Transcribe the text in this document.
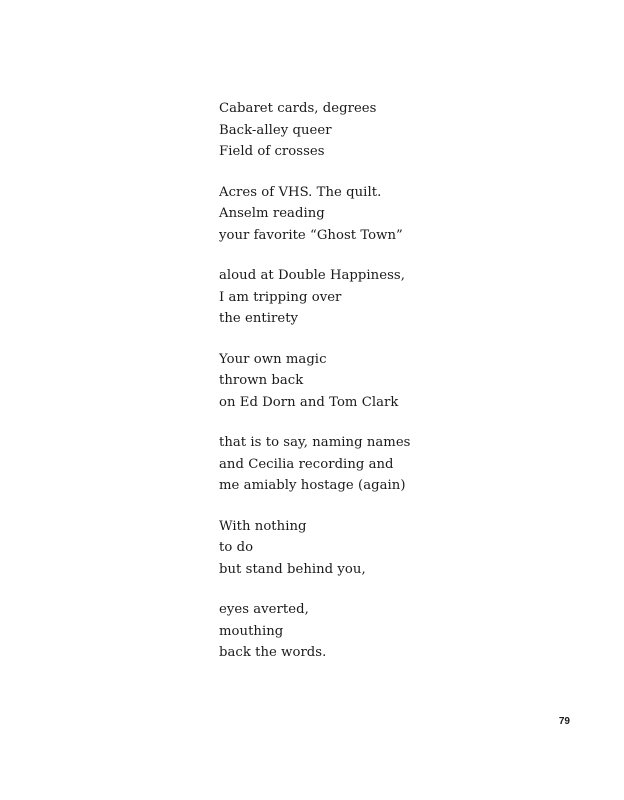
Cabaret cards, degrees
Back-alley queer
Field of crosses
Acres of VHS. The quilt.
Anselm reading
your favorite “Ghost Town”
aloud at Double Happiness,
I am tripping over
the entirety
Your own magic
thrown back
on Ed Dorn and Tom Clark
that is to say, naming names
and Cecilia recording and
me amiably hostage (again)
With nothing
to do
but stand behind you,
eyes averted,
mouthing
back the words.
79
